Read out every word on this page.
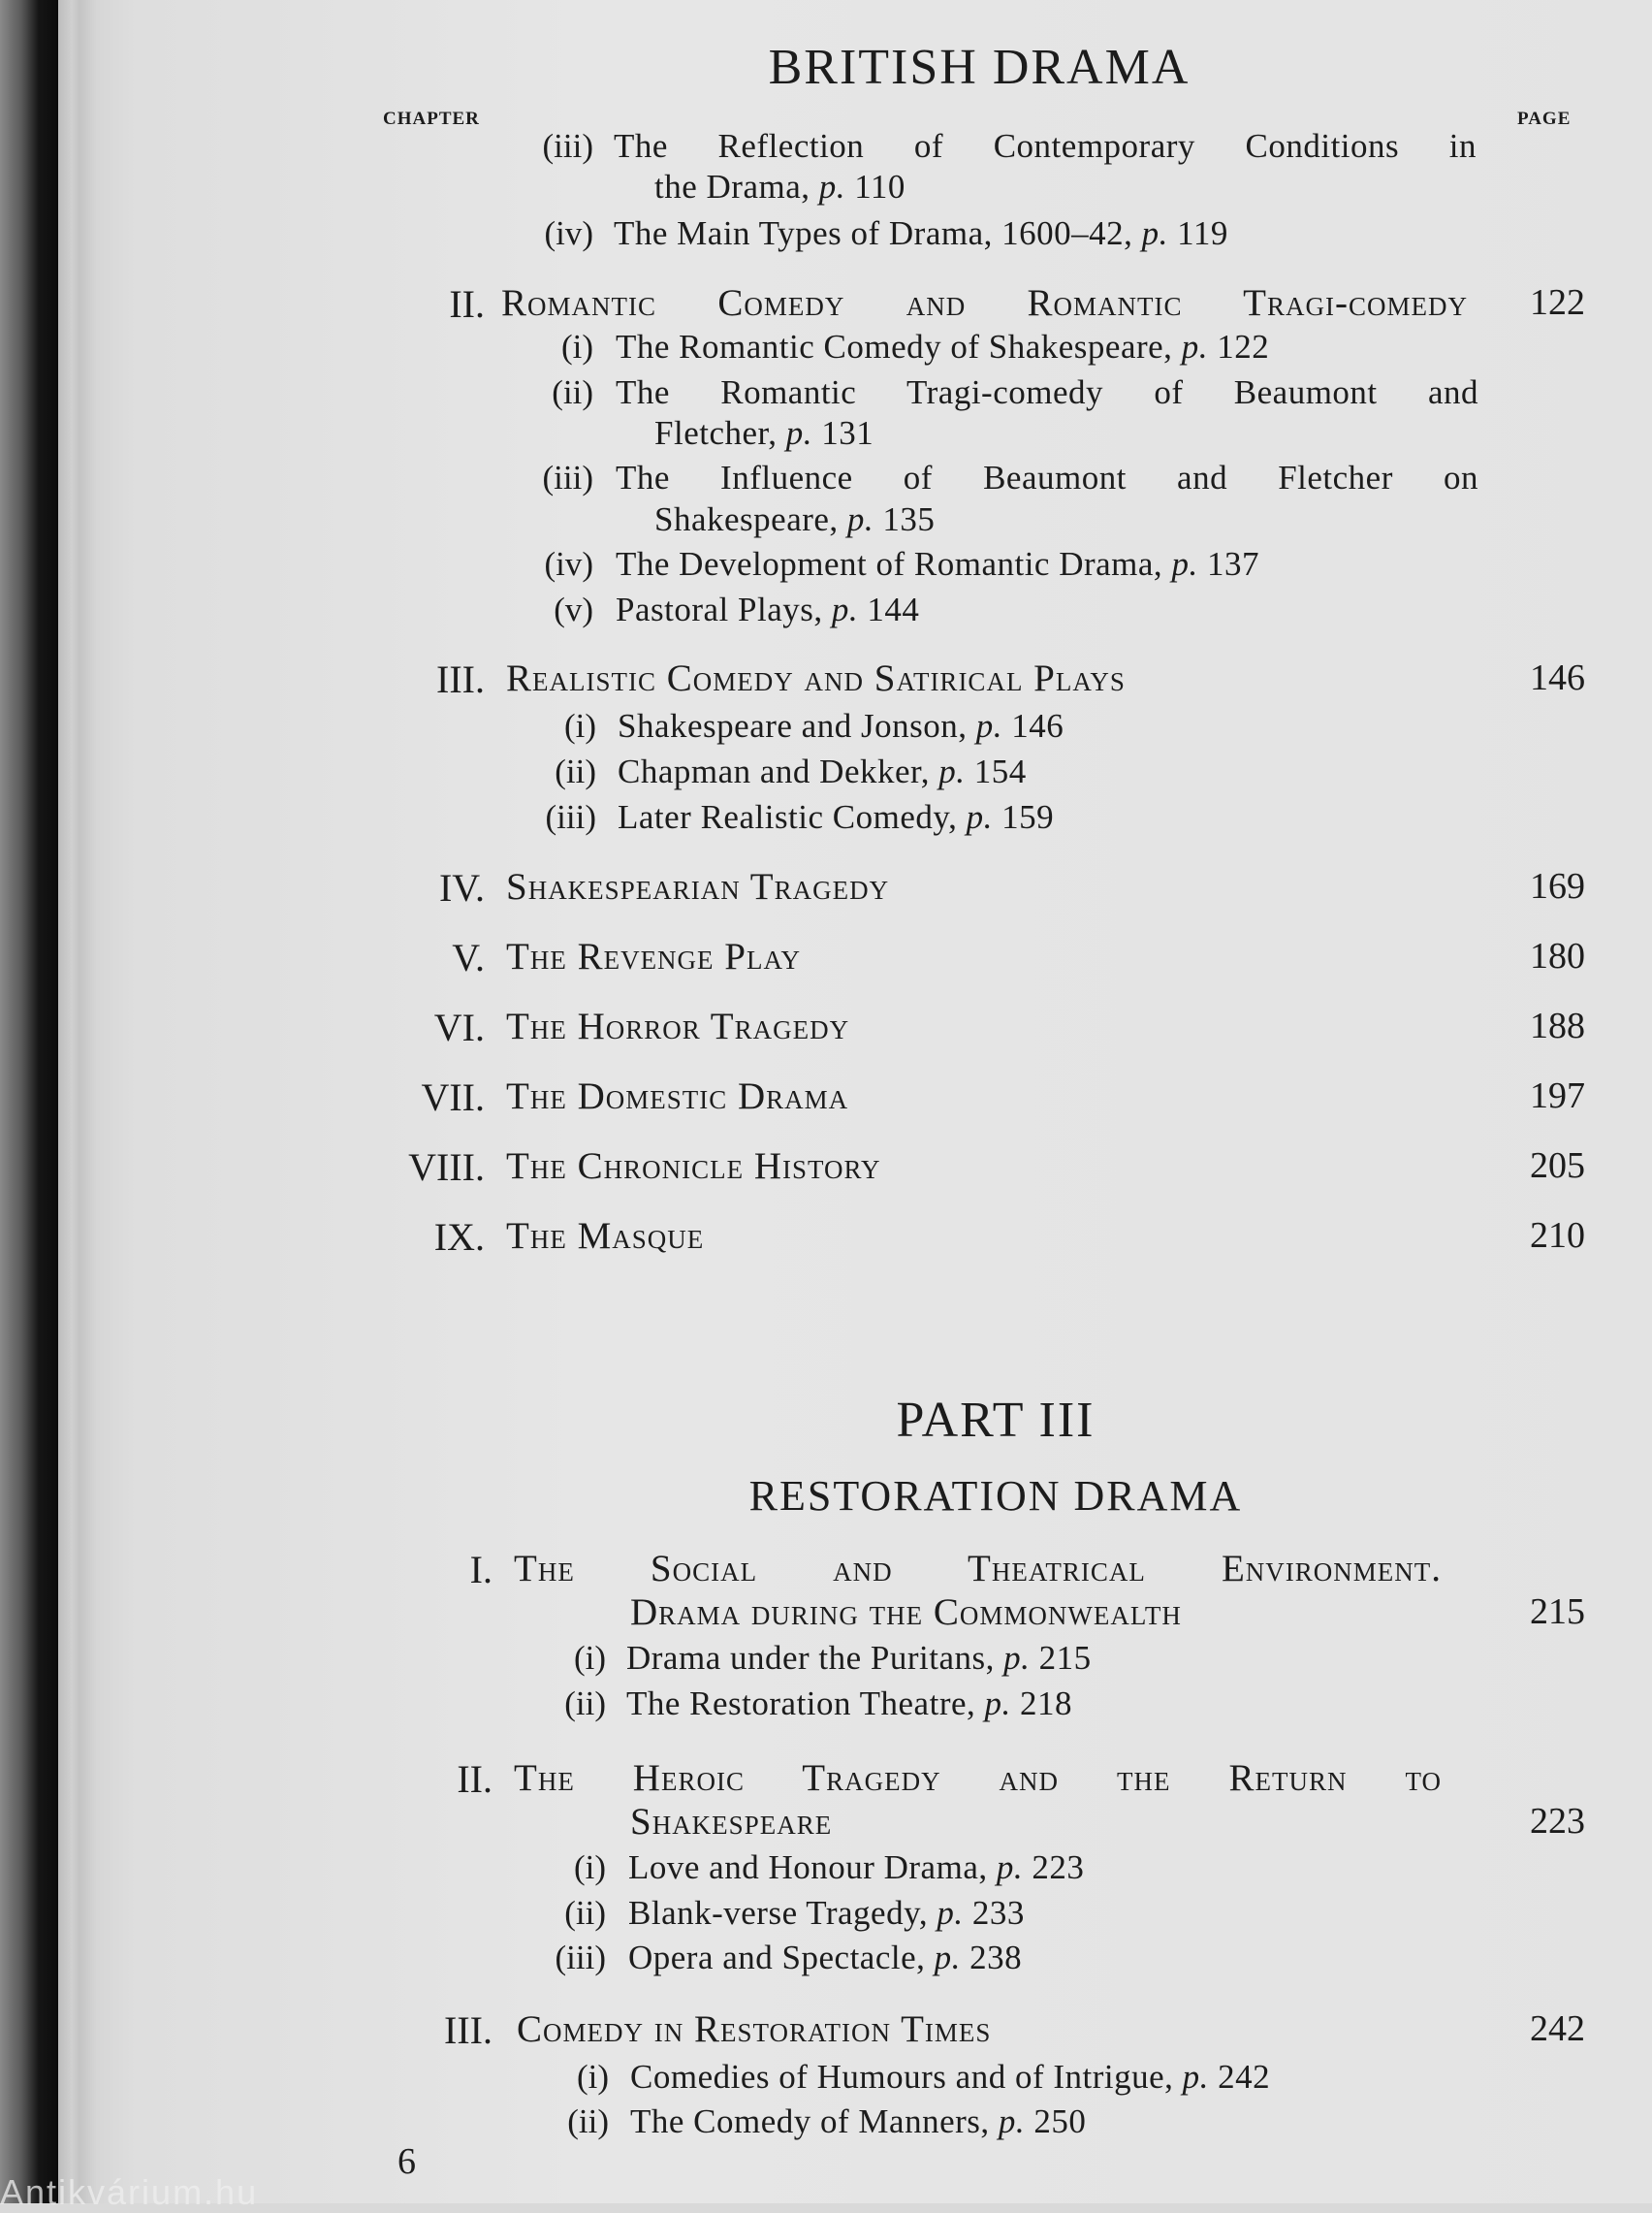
BRITISH DRAMA
CHAPTER	PAGE
(iii) The Reflection of Contemporary Conditions in
the Drama, p. 110
(iv) The Main Types of Drama, 1600–42, p. 119
II. Romantic Comedy and Romantic Tragi-comedy	122
(i) The Romantic Comedy of Shakespeare, p. 122
(ii) The Romantic Tragi-comedy of Beaumont and
Fletcher, p. 131
(iii) The Influence of Beaumont and Fletcher on
Shakespeare, p. 135
(iv) The Development of Romantic Drama, p. 137
(v) Pastoral Plays, p. 144
III. Realistic Comedy and Satirical Plays	146
(i) Shakespeare and Jonson, p. 146
(ii) Chapman and Dekker, p. 154
(iii) Later Realistic Comedy, p. 159
IV. Shakespearian Tragedy	169
V. The Revenge Play	180
VI. The Horror Tragedy	188
VII. The Domestic Drama	197
VIII. The Chronicle History	205
IX. The Masque	210
PART III
RESTORATION DRAMA
I. The Social and Theatrical Environment.
Drama during the Commonwealth	215
(i) Drama under the Puritans, p. 215
(ii) The Restoration Theatre, p. 218
II. The Heroic Tragedy and the Return to
Shakespeare	223
(i) Love and Honour Drama, p. 223
(ii) Blank-verse Tragedy, p. 233
(iii) Opera and Spectacle, p. 238
III. Comedy in Restoration Times	242
(i) Comedies of Humours and of Intrigue, p. 242
(ii) The Comedy of Manners, p. 250
6
Antikvárium.hu
